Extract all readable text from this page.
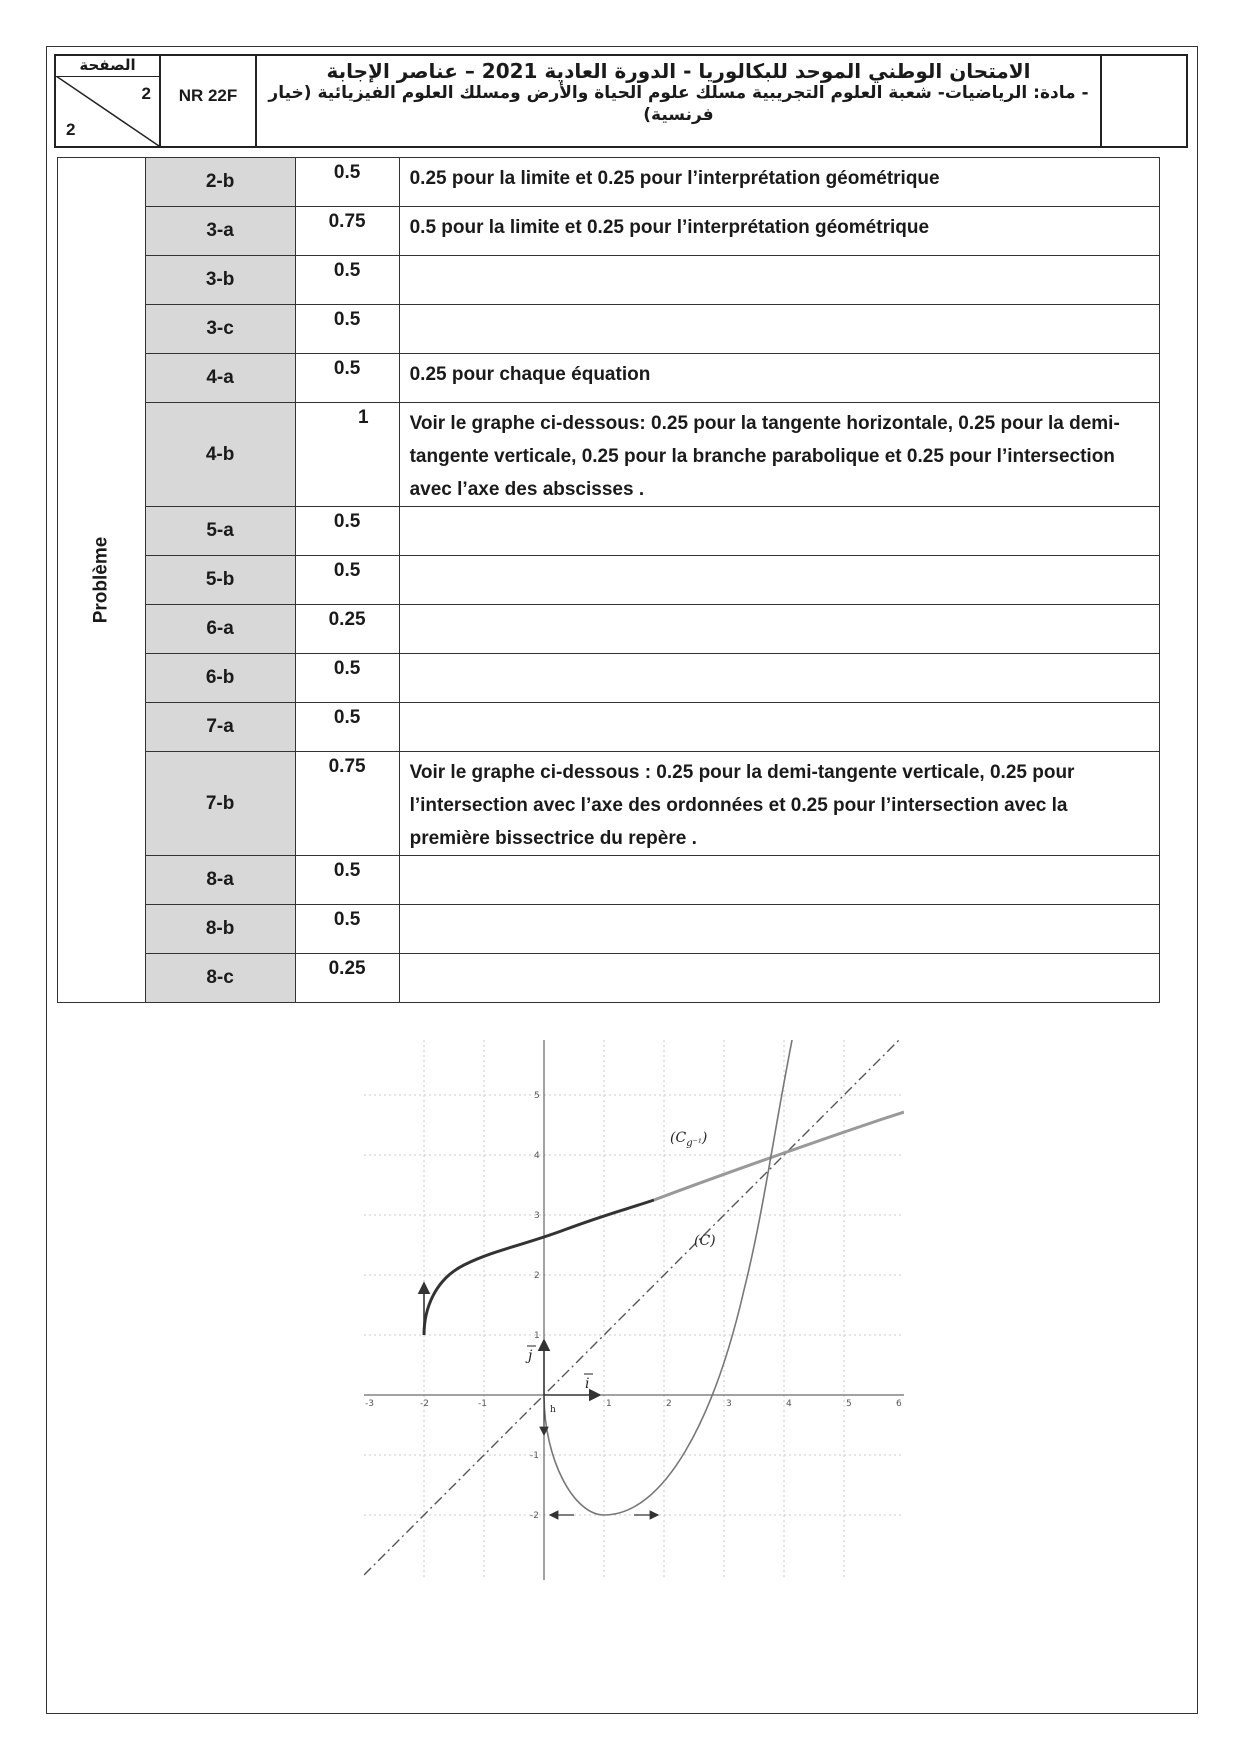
الصفحة
2
2
NR 22F
الامتحان الوطني الموحد للبكالوريا - الدورة العادية 2021 – عناصر الإجابة
- مادة: الرياضيات- شعبة العلوم التجريبية مسلك علوم الحياة والأرض ومسلك العلوم الفيزيائية (خيار فرنسية)
Problème	2-b	0.5	0.25 pour la limite et 0.25 pour l’interprétation géométrique
	3-a	0.75	0.5 pour la limite et 0.25 pour l’interprétation géométrique
	3-b	0.5	
	3-c	0.5	
	4-a	0.5	0.25 pour chaque équation
	4-b	1	Voir le graphe ci-dessous: 0.25 pour la tangente horizontale, 0.25 pour la demi-tangente verticale, 0.25 pour la branche parabolique et 0.25 pour l’intersection avec l’axe des abscisses .
	5-a	0.5	
	5-b	0.5	
	6-a	0.25	
	6-b	0.5	
	7-a	0.5	
	7-b	0.75	Voir le graphe ci-dessous : 0.25 pour la demi-tangente verticale, 0.25 pour l’intersection avec l’axe des ordonnées et 0.25 pour l’intersection avec la première bissectrice du repère .
	8-a	0.5	
	8-b	0.5	
	8-c	0.25	
-3	-2	-1	1	2	3	4	5	6
-2
-1
1
2
3
4
5
$(C_{g^{-1}})$
(C)
j
i
h
